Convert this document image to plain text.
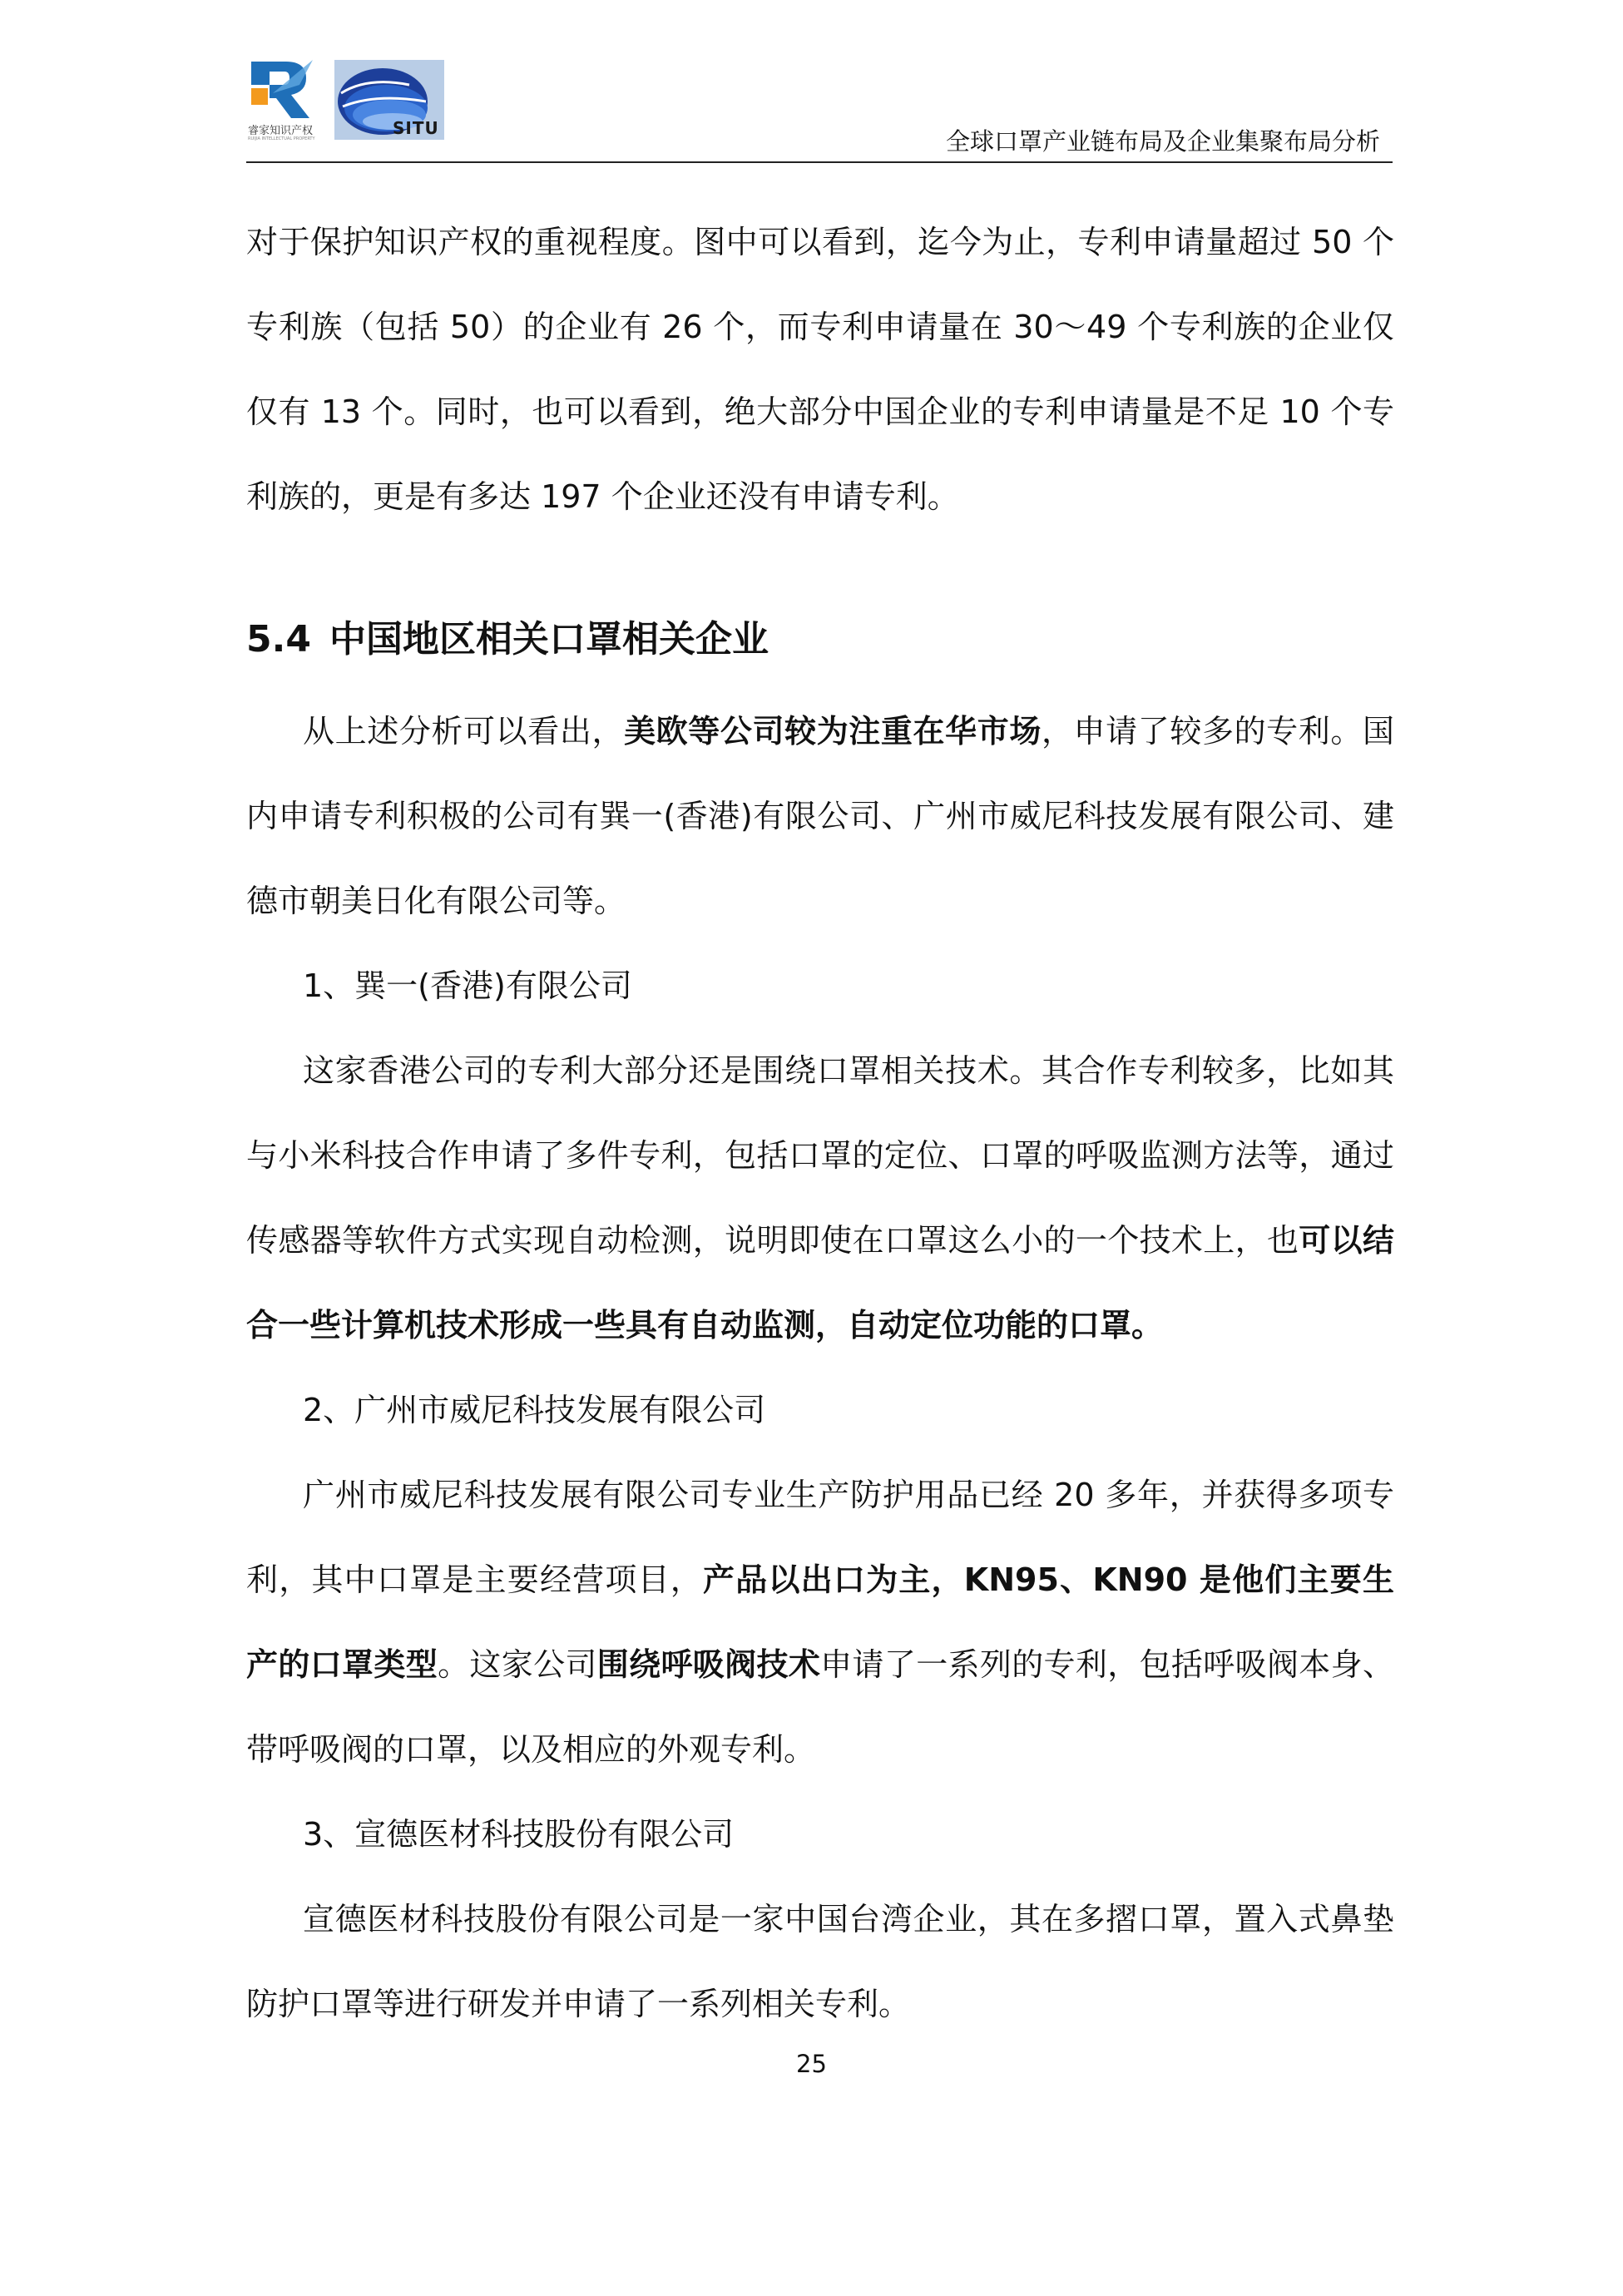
睿家知识产权
RUIJIA INTELLECTUAL PROPERTY
SITU	全球口罩产业链布局及企业集聚布局分析

对于保护知识产权的重视程度。图中可以看到，迄今为止，专利申请量超过 50 个专利族（包括 50）的企业有 26 个，而专利申请量在 30～49 个专利族的企业仅仅有 13 个。同时，也可以看到，绝大部分中国企业的专利申请量是不足 10 个专利族的，更是有多达 197 个企业还没有申请专利。

5.4 中国地区相关口罩相关企业

从上述分析可以看出，美欧等公司较为注重在华市场，申请了较多的专利。国内申请专利积极的公司有巽一(香港)有限公司、广州市威尼科技发展有限公司、建德市朝美日化有限公司等。

1、巽一(香港)有限公司

这家香港公司的专利大部分还是围绕口罩相关技术。其合作专利较多，比如其与小米科技合作申请了多件专利，包括口罩的定位、口罩的呼吸监测方法等，通过传感器等软件方式实现自动检测，说明即使在口罩这么小的一个技术上，也可以结合一些计算机技术形成一些具有自动监测，自动定位功能的口罩。

2、广州市威尼科技发展有限公司

广州市威尼科技发展有限公司专业生产防护用品已经 20 多年，并获得多项专利，其中口罩是主要经营项目，产品以出口为主，KN95、KN90 是他们主要生产的口罩类型。这家公司围绕呼吸阀技术申请了一系列的专利，包括呼吸阀本身、带呼吸阀的口罩，以及相应的外观专利。

3、宣德医材科技股份有限公司

宣德医材科技股份有限公司是一家中国台湾企业，其在多摺口罩，置入式鼻垫防护口罩等进行研发并申请了一系列相关专利。

25
